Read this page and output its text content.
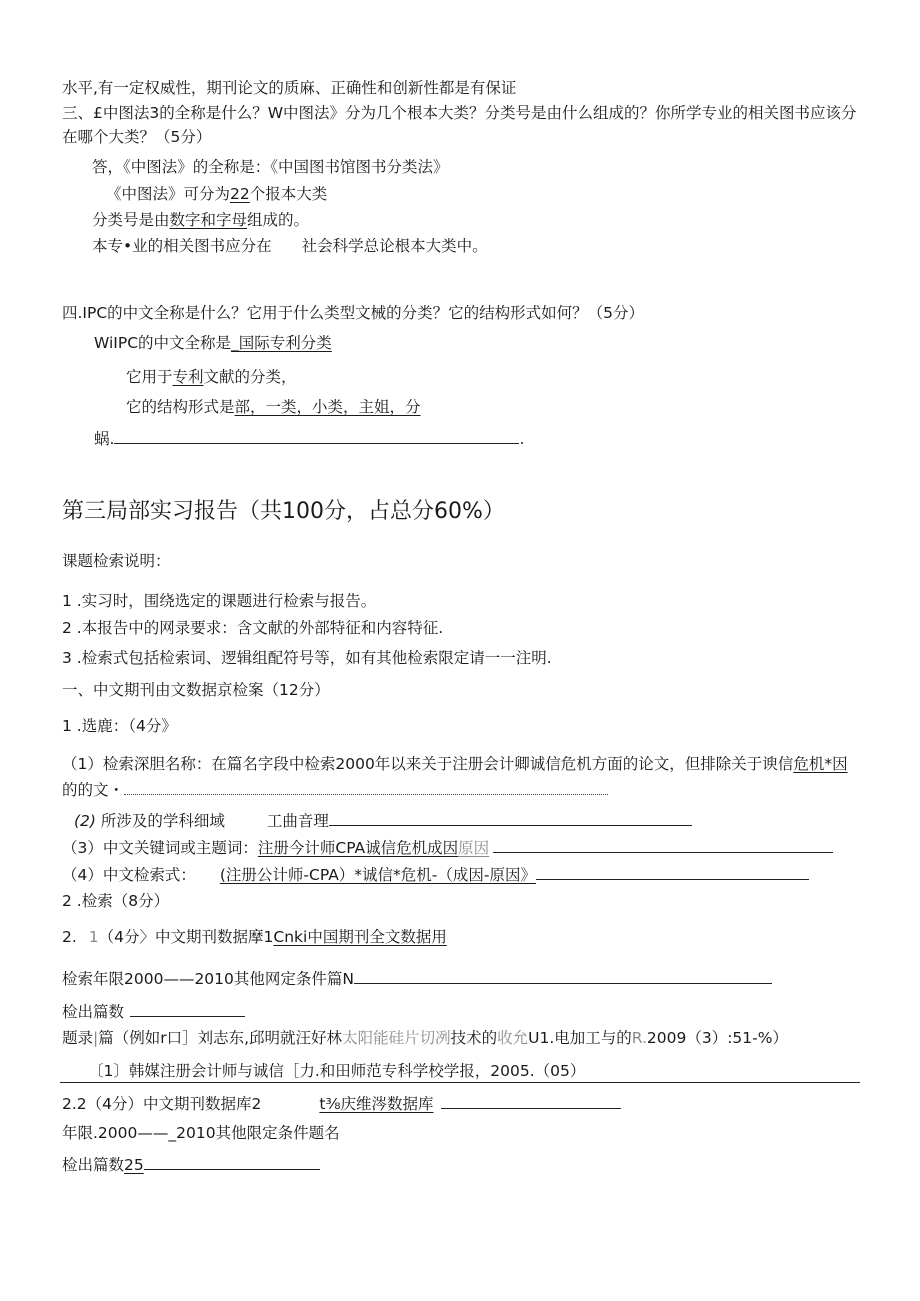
水平,有一定权威性，期刊论文的质麻、正确性和创新性都是有保证
三、£中图法3的全称是什么？W中图法》分为几个根本大类？分类号是由什么组成的？你所学专业的相关图书应该分
在哪个大类？（5分）
答，《中图法》的全称是：《中国图书馆图书分类法》
《中图法》可分为22个报本大类
分类号是由数字和字母组成的。
本专•业的相关图书应分在 社会科学总论根本大类中。
四.IPC的中文全称是什么？它用于什么类型文械的分类？它的结构形式如何？（5分）
WiIPC的中文全称是_国际专利分类
它用于专利文献的分类，
它的结构形式是部，一类，小类，主姐，分
蜗.	.
第三局部实习报告（共100分，占总分60%）
课题检索说明：
1 .实习时，围绕选定的课题进行检索与报告。
2 .本报告中的网录要求：含文献的外部特征和内容特征.
3 .检索式包括检索词、逻辑组配符号等，如有其他检索限定请一一注明.
一、中文期刊由文数据京检案（12分）
1 .选鹿：（4分》
（1）检索深胆名称：在篇名字段中检索2000年以来关于注册会计卿诚信危机方面的论文，但排除关于谀信危机*因
的的文・
(2) 所涉及的学科细域	工曲音理
（3）中文关键词或主题词：注册今计师CPA诚信危机成因原因
（4）中文检索式： (注册公计师-CPA）*诚信*危机-（成因-原因》
2 .检索（8分）
2. 1（4分〉中文期刊数据摩1Cnki中国期刊全文数据用
检索年限2000——2010其他网定条件篇N
检出篇数
题录|篇（例如r口］刘志东,邱明就汪好林太阳能硅片切冽技术的收允U1.电加工与的R.2009（3）:51-%）
〔1〕韩媒注册会计师与诚信［力.和田师范专科学校学报，2005.（05）
2.2（4分）中文期刊数据库2	t⅜庆维涔数据库
年限.2000——_2010其他限定条件题名
检出篇数25
